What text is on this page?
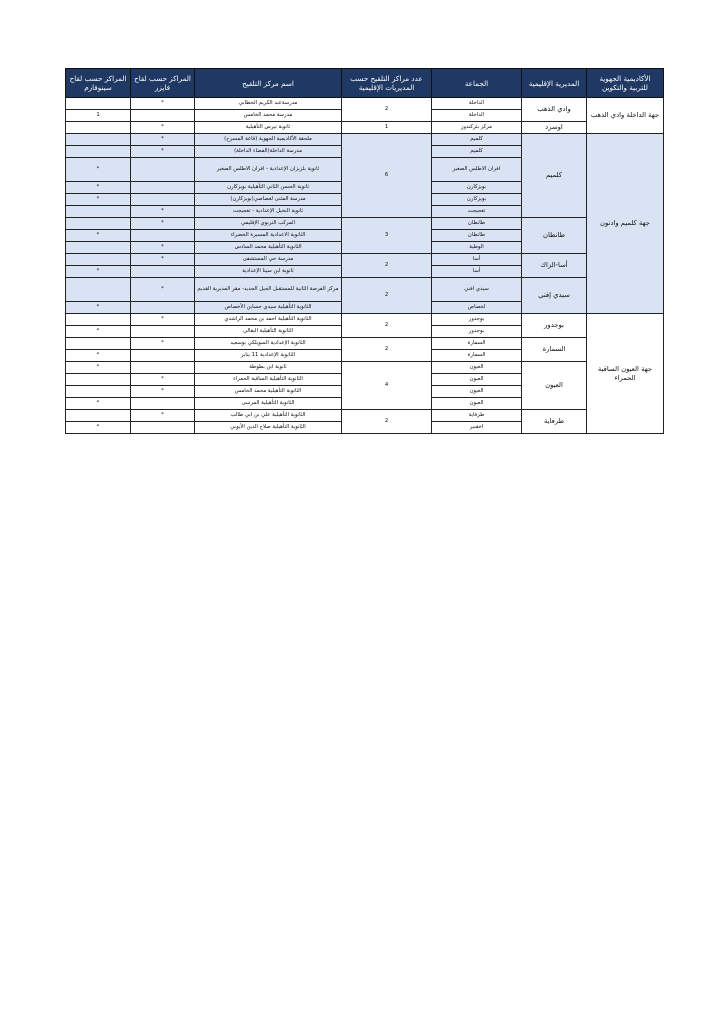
الأكاديمية الجهوية للتربية والتكوين	المديرية الإقليمية	الجماعة	عدد مراكز التلقيح حسب المديريات الإقليمية	اسم مركز التلقيح	المراكز حسب لقاح فايزر	المراكز حسب لقاح سينوفارم
جهة الداخلة وادي الذهب	وادي الذهب	الداخلة	2	مدرسةعبد الكريم الخطابي	*	
		الداخلة		مدرسة محمد الخامس		1
	اوسرد	مركز بئركندوز	1	ثانوية تيرس التأهيلية	*	
جهة كلميم وادنون	كلميم	كلميم	6	ملحقة الأكاديمية الجهوية (قاعة المسرح)	*	
		كلميم		مدرسة الداخلة(الفضاء الداخلة)	*	
		افران الاطلس الصغير		ثانوية بلزيزان الإعدادية - افران الاطلس الصغير		*
		بويزكارن		ثانوية الحسن الثاني التأهيلية بويزكارن		*
		بويزكارن		مدرسة المثنى لغصاصي(بويزكارن)		*
		تغجيجت		ثانوية النخيل الإعدادية - تغجيجت	*	
	طانطان	طانطان	3	المركب التربوي الإقليمي	*	
		طانطان		الثانوية الاعدادية المسيرة الخضراء		*
		الوطية		الثانوية التأهيلية محمد السادس	*	
	أسا-الزاك	أسا	2	مدرسة حي المستشفى	*	
		أسا		ثانوية ابن سينا الإعدادية		*
	سيدي إفني	سيدي افني	2	مركز الفرصة الثانية للمستقبل الجيل الجديد- مقر المديرية القديم	*	
		لخصاص		الثانوية التأهيلية سيدي حساين الأخصاص		*
جهة العيون الساقية الحمراء	بوجدور	بوجدور	2	الثانوية التأهيلية احمد بن محمد الراشدي	*	
		بوجدور		الثانوية التأهيلية البقالي		*
	السمارة	السمارة	2	الثانوية الإعدادية السويلكي بوسعيد	*	
		السمارة		الثانوية الإعدادية 11 يناير		*
	العيون	العيون	4	ثانوية ابن بطوطة		*
		العيون		الثانوية التأهيلية الساقية الحمراء	*	
		العيون		الثانوية التأهيلية محمد الخامس	*	
		العيون		الثانوية التأهيلية المرسى		*
	طرفاية	طرفاية	2	الثانوية التأهيلية علي بن ابي طالب	*	
		اخفنير		الثانوية التأهيلية صلاح الدين الأيوبي		*
